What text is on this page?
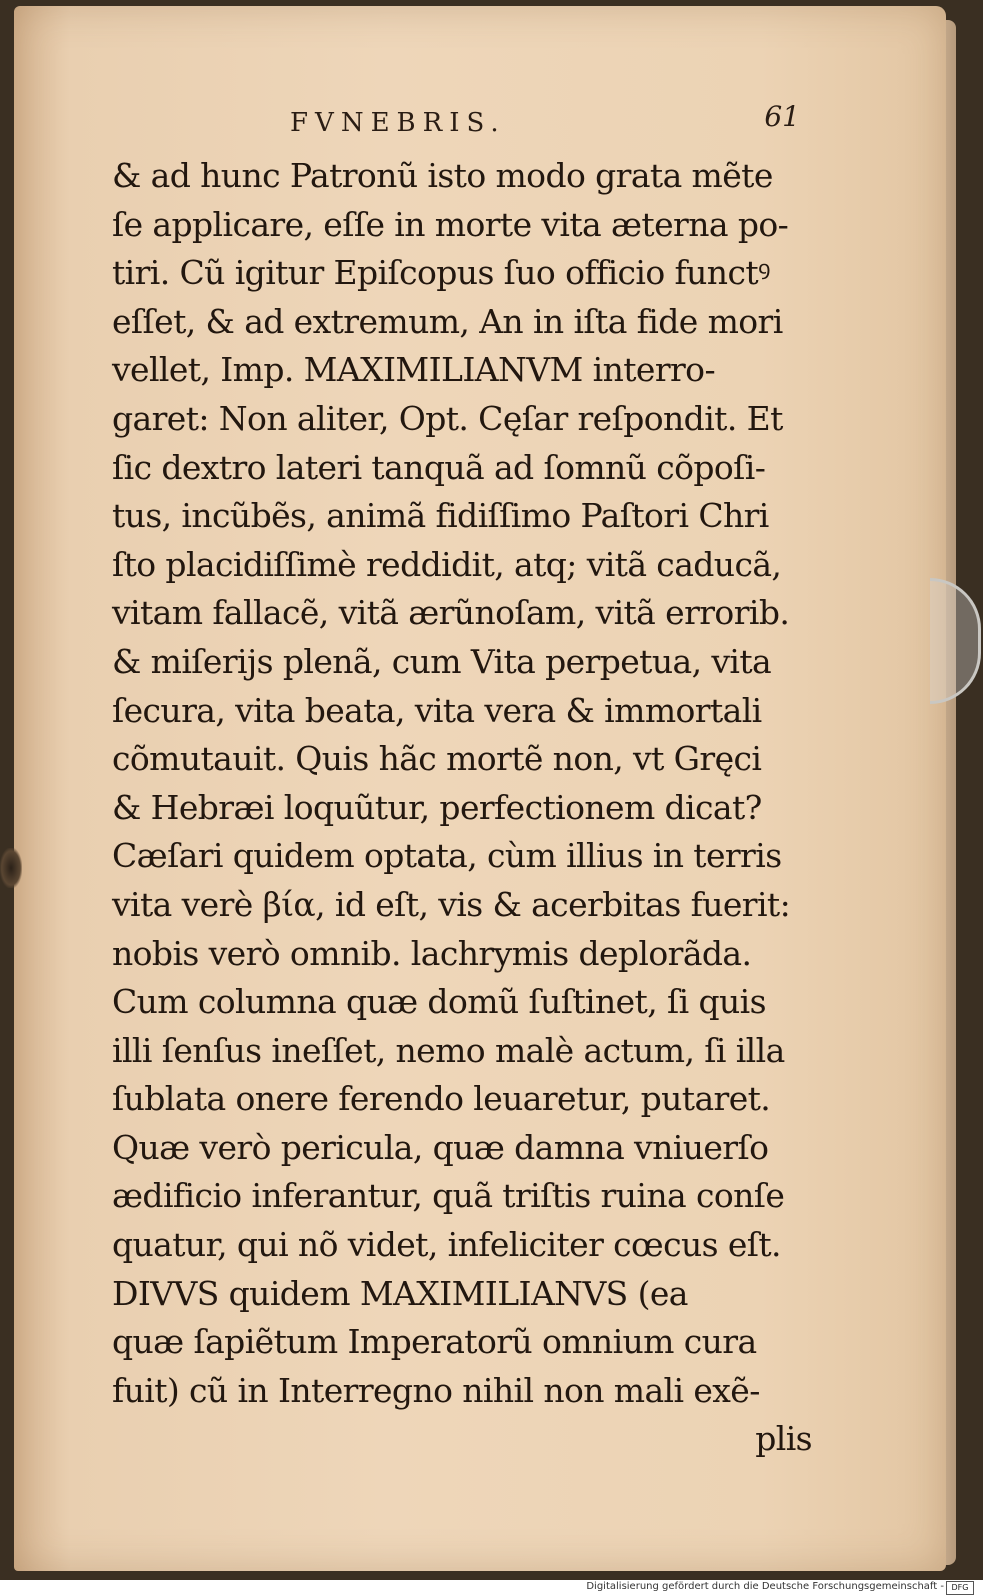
FVNEBRIS.	61
& ad hunc Patronũ isto modo grata mẽte
ſe applicare, eſſe in morte vita æterna po-
tiri. Cũ igitur Epiſcopus ſuo officio functꝰ
eſſet, & ad extremum, An in iſta fide mori
vellet, Imp. MAXIMILIANVM interro-
garet: Non aliter, Opt. Cęſar reſpondit. Et
ſic dextro lateri tanquã ad ſomnũ cõpoſi-
tus, incũbẽs, animã fidiſſimo Paſtori Chri
ſto placidiſſimè reddidit, atq; vitã caducã,
vitam fallacẽ, vitã ærũnoſam, vitã errorib.
& miſerijs plenã, cum Vita perpetua, vita
ſecura, vita beata, vita vera & immortali
cõmutauit. Quis hãc mortẽ non, vt Gręci
& Hebræi loquũtur, perfectionem dicat?
Cæſari quidem optata, cùm illius in terris
vita verè βία, id eſt, vis & acerbitas fuerit:
nobis verò omnib. lachrymis deplorãda.
Cum columna quæ domũ ſuſtinet, ſi quis
illi ſenſus ineſſet, nemo malè actum, ſi illa
ſublata onere ferendo leuaretur, putaret.
Quæ verò pericula, quæ damna vniuerſo
ædificio inferantur, quã triſtis ruina conſe
quatur, qui nõ videt, infeliciter cœcus eſt.
DIVVS quidem MAXIMILIANVS (ea
quæ ſapiẽtum Imperatorũ omnium cura
fuit) cũ in Interregno nihil non mali exẽ-
plis
Digitalisierung gefördert durch die Deutsche Forschungsgemeinschaft - DFG
